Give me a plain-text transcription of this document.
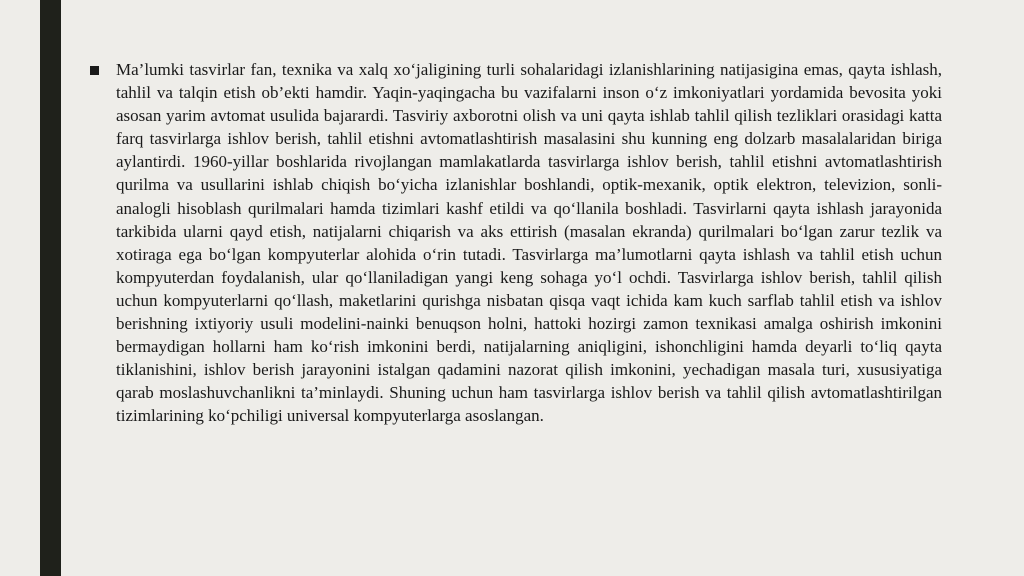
Ma’lumki tasvirlar fan, texnika va xalq xo‘jaligining turli sohalaridagi izlanishlarining natijasigina emas, qayta ishlash, tahlil va talqin etish ob’ekti hamdir. Yaqin-yaqingacha bu vazifalarni inson o‘z imkoniyatlari yordamida bevosita yoki asosan yarim avtomat usulida bajarardi. Tasviriy axborotni olish va uni qayta ishlab tahlil qilish tezliklari orasidagi katta farq tasvirlarga ishlov berish, tahlil etishni avtomatlashtirish masalasini shu kunning eng dolzarb masalalaridan biriga aylantirdi. 1960-yillar boshlarida rivojlangan mamlakatlarda tasvirlarga ishlov berish, tahlil etishni avtomatlashtirish qurilma va usullarini ishlab chiqish bo‘yicha izlanishlar boshlandi, optik-mexanik, optik elektron, televizion, sonli-analogli hisoblash qurilmalari hamda tizimlari kashf etildi va qo‘llanila boshladi. Tasvirlarni qayta ishlash jarayonida tarkibida ularni qayd etish, natijalarni chiqarish va aks ettirish (masalan ekranda) qurilmalari bo‘lgan zarur tezlik va xotiraga ega bo‘lgan kompyuterlar alohida o‘rin tutadi. Tasvirlarga ma’lumotlarni qayta ishlash va tahlil etish uchun kompyuterdan foydalanish, ular qo‘llaniladigan yangi keng sohaga yo‘l ochdi. Tasvirlarga ishlov berish, tahlil qilish uchun kompyuterlarni qo‘llash, maketlarini qurishga nisbatan qisqa vaqt ichida kam kuch sarflab tahlil etish va ishlov berishning ixtiyoriy usuli modelini-nainki benuqson holni, hattoki hozirgi zamon texnikasi amalga oshirish imkonini bermaydigan hollarni ham ko‘rish imkonini berdi, natijalarning aniqligini, ishonchligini hamda deyarli to‘liq qayta tiklanishini, ishlov berish jarayonini istalgan qadamini nazorat qilish imkonini, yechadigan masala turi, xususiyatiga qarab moslashuvchanlikni ta’minlaydi. Shuning uchun ham tasvirlarga ishlov berish va tahlil qilish avtomatlashtirilgan tizimlarining ko‘pchiligi universal kompyuterlarga asoslangan.
